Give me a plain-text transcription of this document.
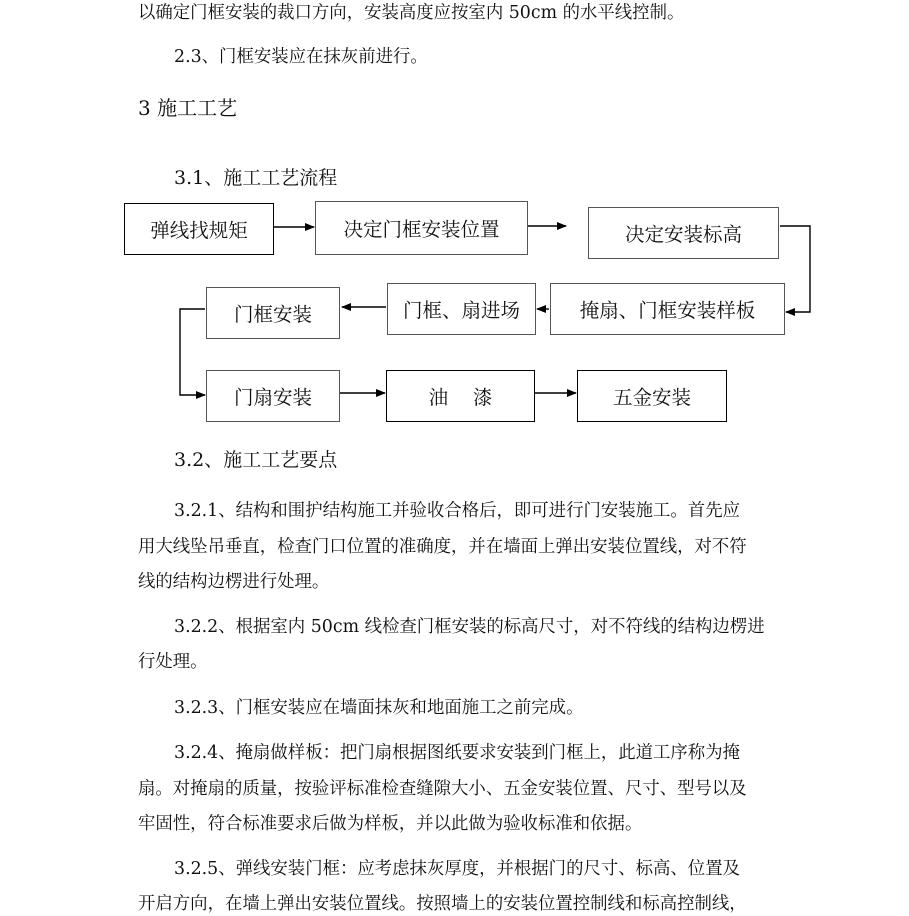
以确定门框安装的裁口方向，安装高度应按室内 50cm 的水平线控制。
2.3、门框安装应在抹灰前进行。
3 施工工艺
3.1、施工工艺流程
弹线找规矩	决定门框安装位置	决定安装标高
掩扇、门框安装样板
门框、扇进场
门框安装
门扇安装	油    漆	五金安装
3.2、施工工艺要点
3.2.1、结构和围护结构施工并验收合格后，即可进行门安装施工。首先应
用大线坠吊垂直，检查门口位置的准确度，并在墙面上弹出安装位置线，对不符
线的结构边楞进行处理。
3.2.2、根据室内 50cm 线检查门框安装的标高尺寸，对不符线的结构边楞进
行处理。
3.2.3、门框安装应在墙面抹灰和地面施工之前完成。
3.2.4、掩扇做样板：把门扇根据图纸要求安装到门框上，此道工序称为掩
扇。对掩扇的质量，按验评标准检查缝隙大小、五金安装位置、尺寸、型号以及
牢固性，符合标准要求后做为样板，并以此做为验收标准和依据。
3.2.5、弹线安装门框：应考虑抹灰厚度，并根据门的尺寸、标高、位置及
开启方向，在墙上弹出安装位置线。按照墙上的安装位置控制线和标高控制线，
